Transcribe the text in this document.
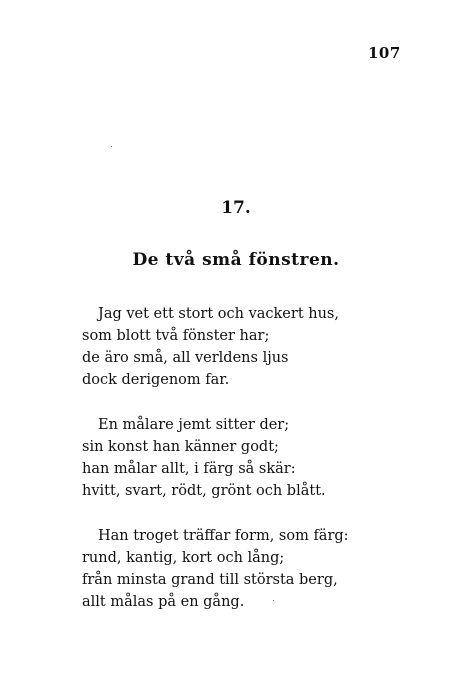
107
17.
De två små fönstren.
Jag vet ett stort och vackert hus,
som blott två fönster har;
de äro små, all verldens ljus
dock derigenom far.
En målare jemt sitter der;
sin konst han känner godt;
han målar allt, i färg så skär:
hvitt, svart, rödt, grönt och blått.
Han troget träffar form, som färg:
rund, kantig, kort och lång;
från minsta grand till största berg,
allt målas på en gång.
